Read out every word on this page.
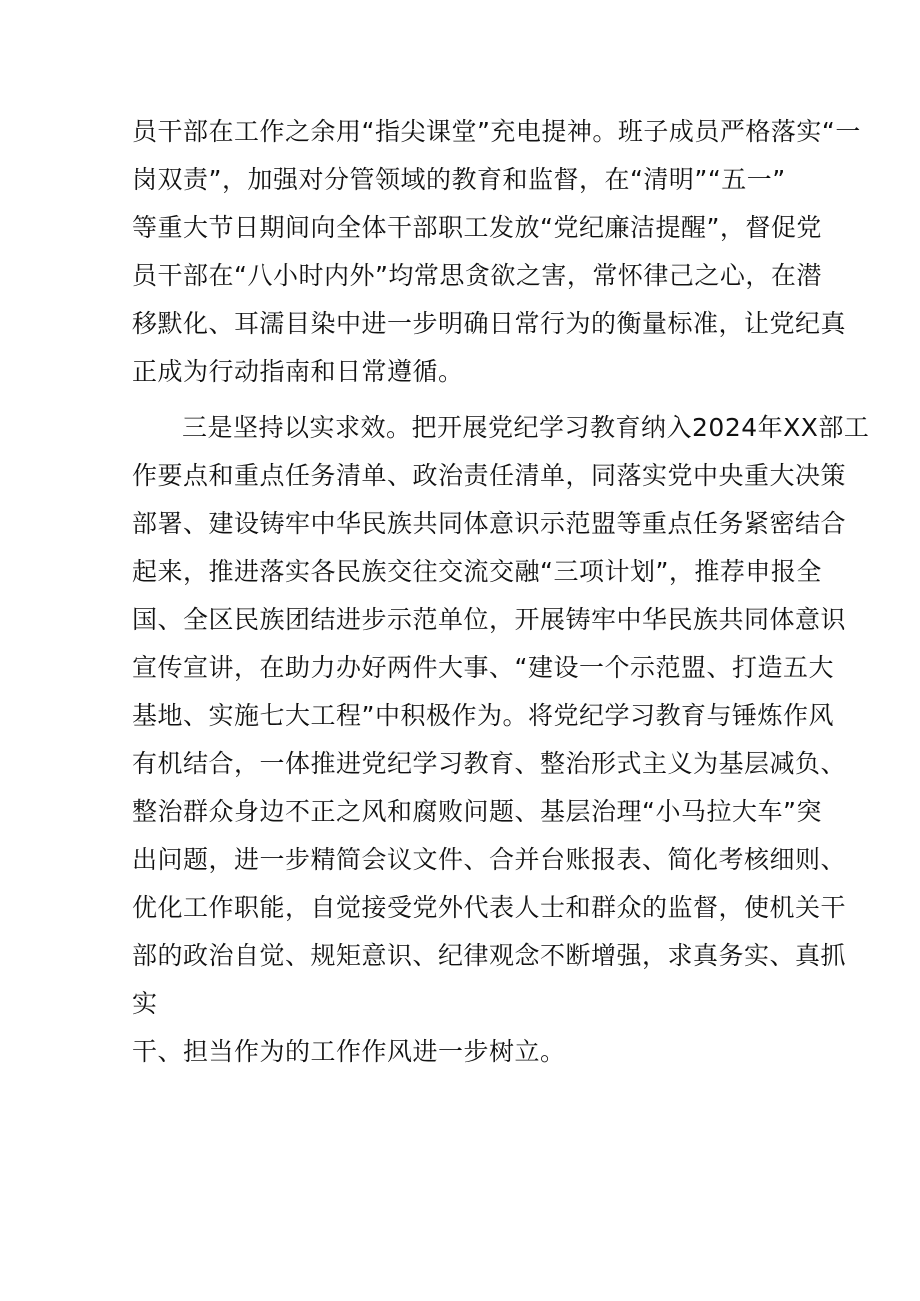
员干部在工作之余用“指尖课堂”充电提神。班子成员严格落实“一
岗双责”，加强对分管领域的教育和监督，在“清明”“五一”
等重大节日期间向全体干部职工发放“党纪廉洁提醒”，督促党
员干部在“八小时内外”均常思贪欲之害，常怀律己之心，在潜
移默化、耳濡目染中进一步明确日常行为的衡量标准，让党纪真
正成为行动指南和日常遵循。
三是坚持以实求效。把开展党纪学习教育纳入2024年XX部工
作要点和重点任务清单、政治责任清单，同落实党中央重大决策
部署、建设铸牢中华民族共同体意识示范盟等重点任务紧密结合
起来，推进落实各民族交往交流交融“三项计划”，推荐申报全
国、全区民族团结进步示范单位，开展铸牢中华民族共同体意识
宣传宣讲，在助力办好两件大事、“建设一个示范盟、打造五大
基地、实施七大工程”中积极作为。将党纪学习教育与锤炼作风
有机结合，一体推进党纪学习教育、整治形式主义为基层减负、
整治群众身边不正之风和腐败问题、基层治理“小马拉大车”突
出问题，进一步精简会议文件、合并台账报表、简化考核细则、
优化工作职能，自觉接受党外代表人士和群众的监督，使机关干
部的政治自觉、规矩意识、纪律观念不断增强，求真务实、真抓
实
干、担当作为的工作作风进一步树立。
